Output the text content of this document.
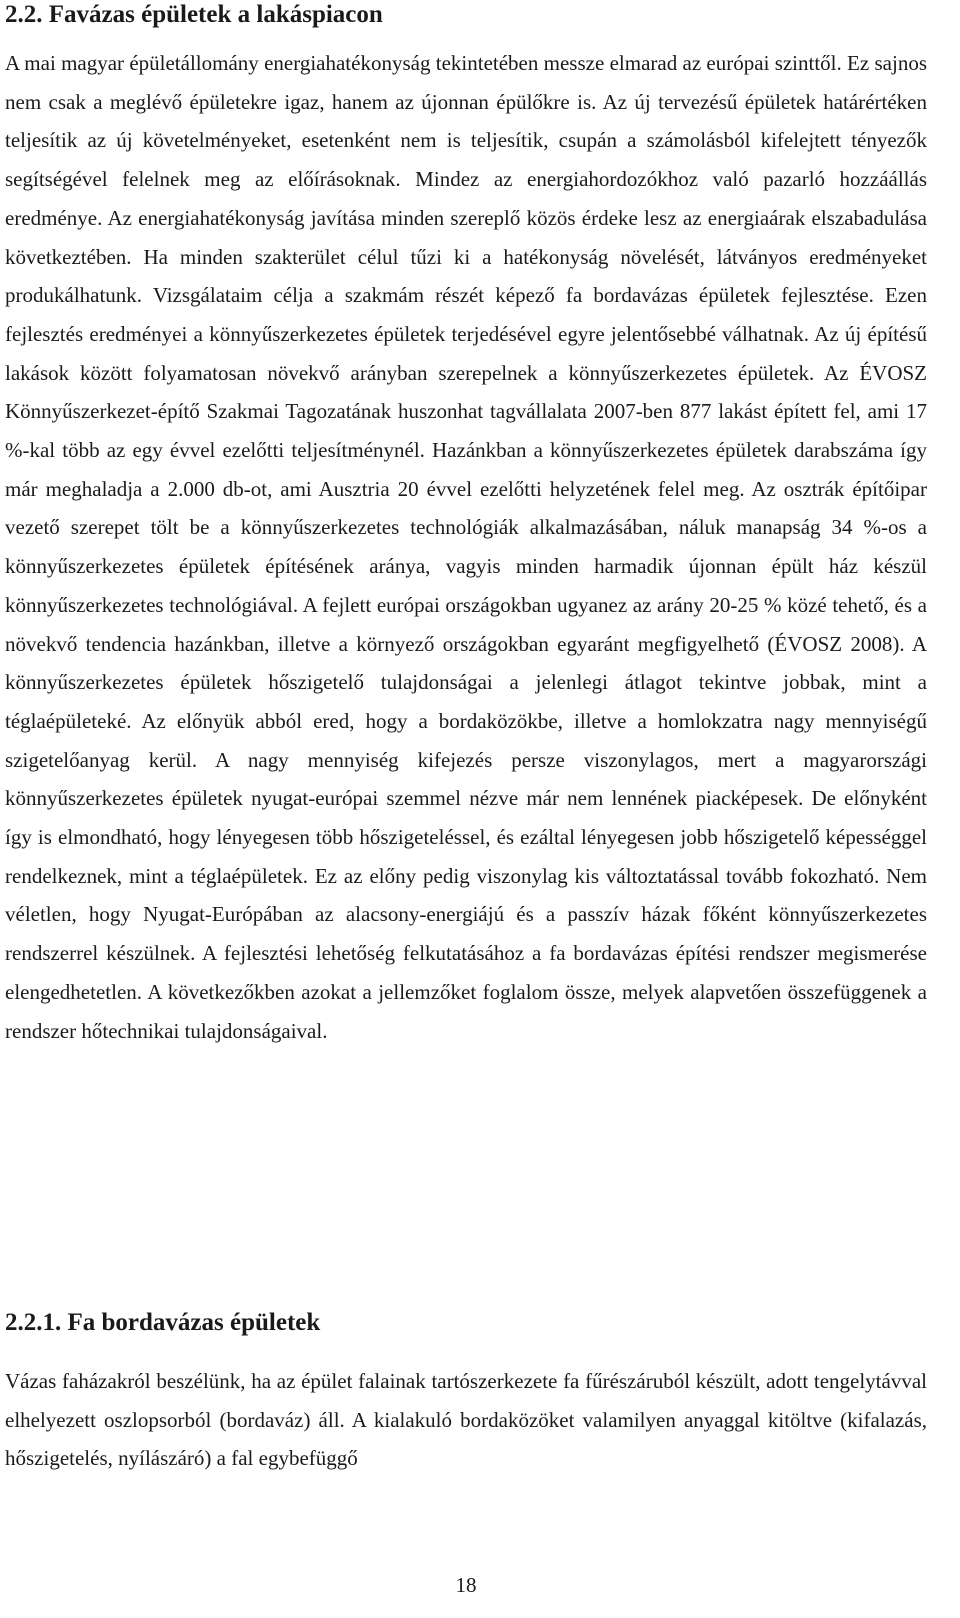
2.2. Favázas épületek a lakáspiacon

A mai magyar épületállomány energiahatékonyság tekintetében messze elmarad az európai szinttől. Ez sajnos nem csak a meglévő épületekre igaz, hanem az újonnan épülőkre is. Az új tervezésű épületek határértéken teljesítik az új követelményeket, esetenként nem is teljesítik, csupán a számolásból kifelejtett tényezők segítségével felelnek meg az előírásoknak. Mindez az energiahordozókhoz való pazarló hozzáállás eredménye. Az energiahatékonyság javítása minden szereplő közös érdeke lesz az energiaárak elszabadulása következtében. Ha minden szakterület célul tűzi ki a hatékonyság növelését, látványos eredményeket produkálhatunk. Vizsgálataim célja a szakmám részét képező fa bordavázas épületek fejlesztése. Ezen fejlesztés eredményei a könnyűszerkezetes épületek terjedésével egyre jelentősebbé válhatnak. Az új építésű lakások között folyamatosan növekvő arányban szerepelnek a könnyűszerkezetes épületek. Az ÉVOSZ Könnyűszerkezet-építő Szakmai Tagozatának huszonhat tagvállalata 2007-ben 877 lakást épített fel, ami 17 %-kal több az egy évvel ezelőtti teljesítménynél. Hazánkban a könnyűszerkezetes épületek darabszáma így már meghaladja a 2.000 db-ot, ami Ausztria 20 évvel ezelőtti helyzetének felel meg. Az osztrák építőipar vezető szerepet tölt be a könnyűszerkezetes technológiák alkalmazásában, náluk manapság 34 %-os a könnyűszerkezetes épületek építésének aránya, vagyis minden harmadik újonnan épült ház készül könnyűszerkezetes technológiával. A fejlett európai országokban ugyanez az arány 20-25 % közé tehető, és a növekvő tendencia hazánkban, illetve a környező országokban egyaránt megfigyelhető (ÉVOSZ 2008). A könnyűszerkezetes épületek hőszigetelő tulajdonságai a jelenlegi átlagot tekintve jobbak, mint a téglaépületeké. Az előnyük abból ered, hogy a bordaközökbe, illetve a homlokzatra nagy mennyiségű szigetelőanyag kerül. A nagy mennyiség kifejezés persze viszonylagos, mert a magyarországi könnyűszerkezetes épületek nyugat-európai szemmel nézve már nem lennének piacképesek. De előnyként így is elmondható, hogy lényegesen több hőszigeteléssel, és ezáltal lényegesen jobb hőszigetelő képességgel rendelkeznek, mint a téglaépületek. Ez az előny pedig viszonylag kis változtatással tovább fokozható. Nem véletlen, hogy Nyugat-Európában az alacsony-energiájú és a passzív házak főként könnyűszerkezetes rendszerrel készülnek. A fejlesztési lehetőség felkutatásához a fa bordavázas építési rendszer megismerése elengedhetetlen. A következőkben azokat a jellemzőket foglalom össze, melyek alapvetően összefüggenek a rendszer hőtechnikai tulajdonságaival.

2.2.1. Fa bordavázas épületek

Vázas faházakról beszélünk, ha az épület falainak tartószerkezete fa fűrészáruból készült, adott tengelytávval elhelyezett oszlopsorból (bordaváz) áll. A kialakuló bordaközöket valamilyen anyaggal kitöltve (kifalazás, hőszigetelés, nyílászáró) a fal egybefüggő

18
